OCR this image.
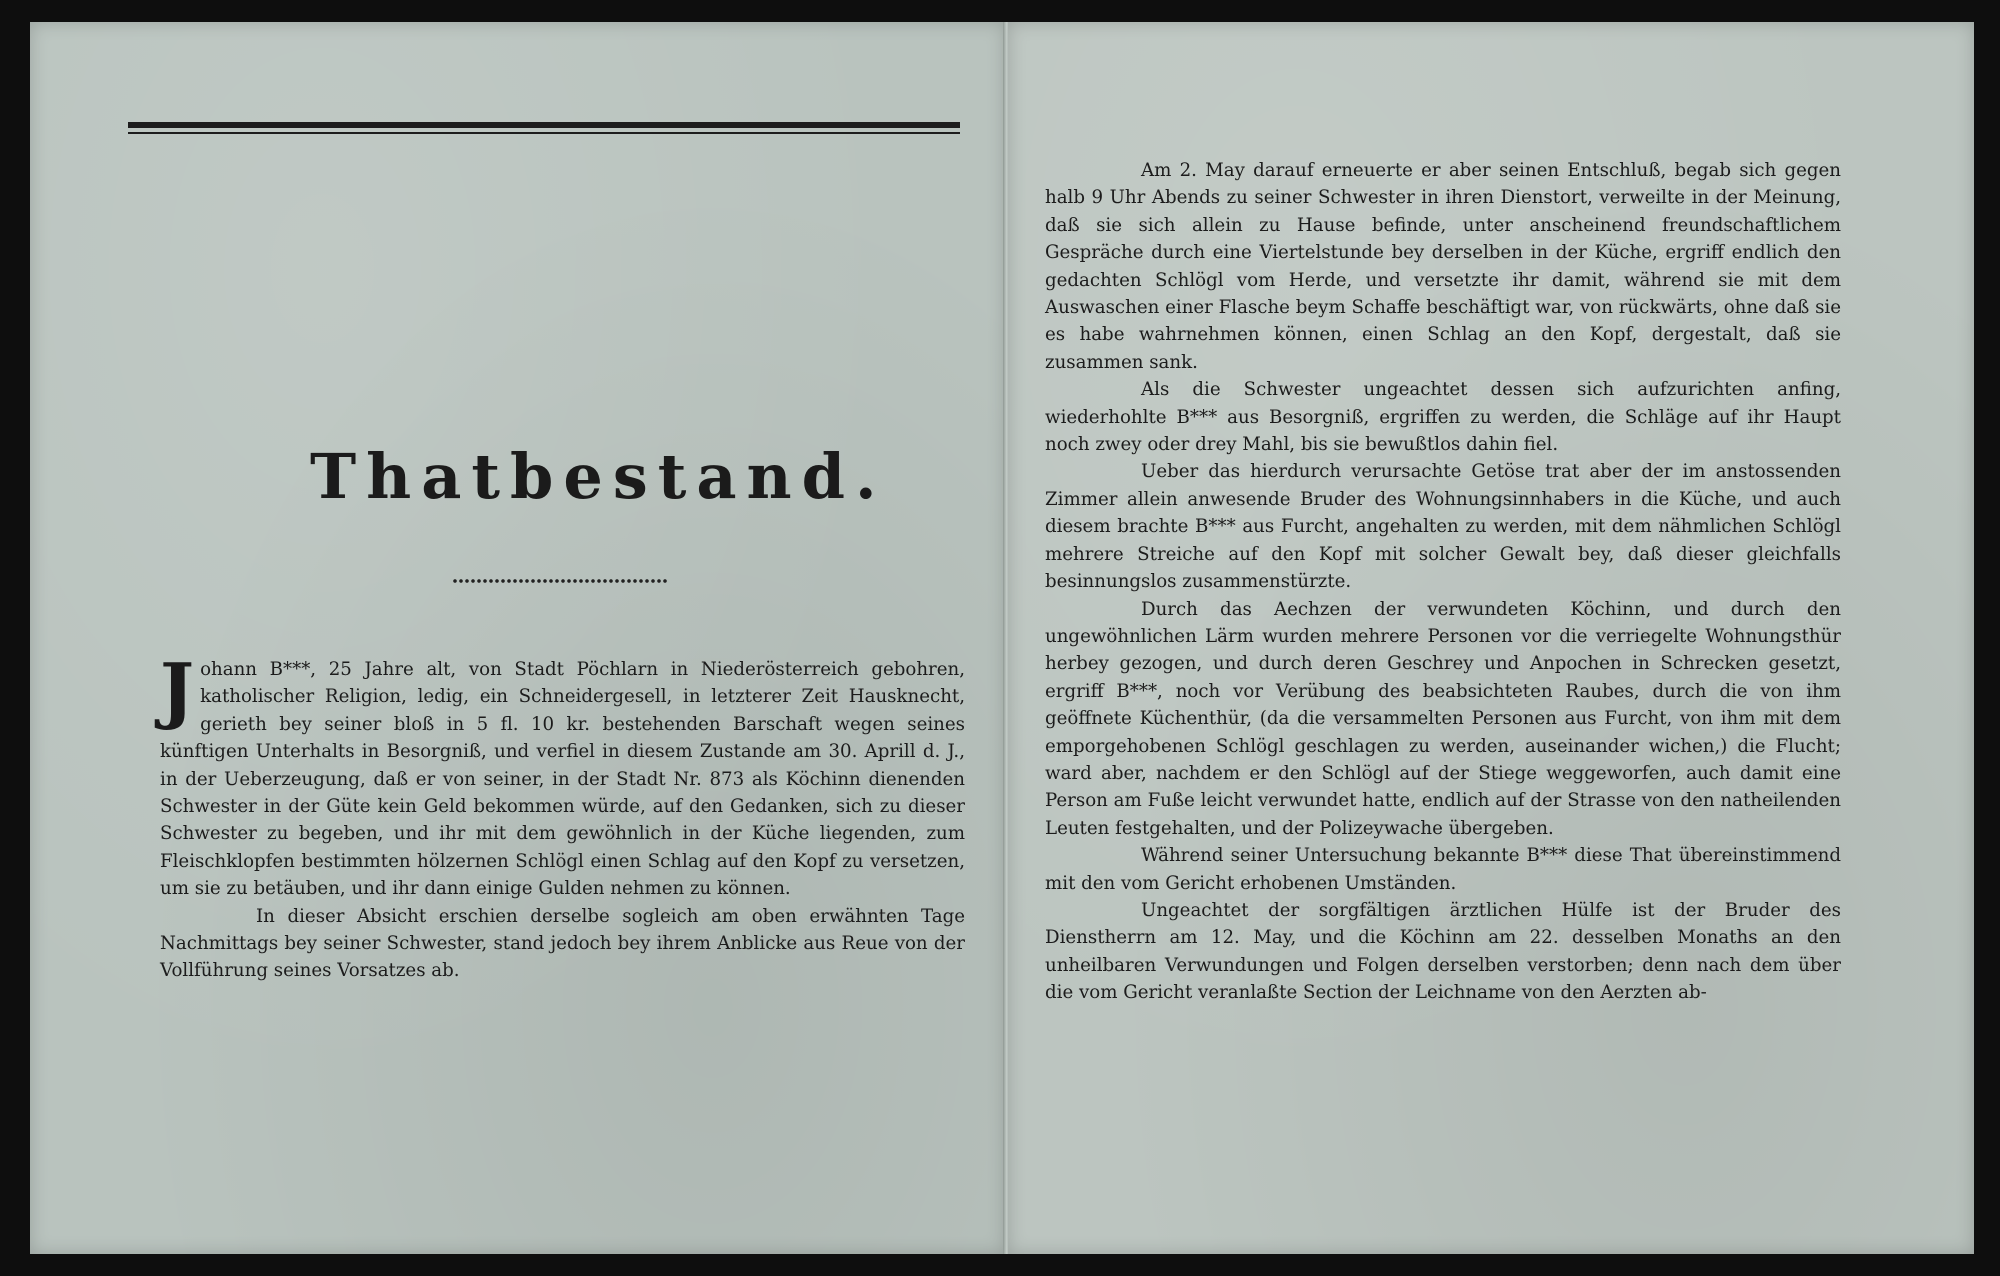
Thatbestand.

Johann B***, 25 Jahre alt, von Stadt Pöchlarn in Niederösterreich gebohren, katholischer Religion, ledig, ein Schneidergesell, in letzterer Zeit Hausknecht, gerieth bey seiner bloß in 5 fl. 10 kr. bestehenden Barschaft wegen seines künftigen Unterhalts in Besorgniß, und verfiel in diesem Zustande am 30. Aprill d. J., in der Ueberzeugung, daß er von seiner, in der Stadt Nr. 873 als Köchinn dienenden Schwester in der Güte kein Geld bekommen würde, auf den Gedanken, sich zu dieser Schwester zu begeben, und ihr mit dem gewöhnlich in der Küche liegenden, zum Fleischklopfen bestimmten hölzernen Schlögl einen Schlag auf den Kopf zu versetzen, um sie zu betäuben, und ihr dann einige Gulden nehmen zu können.

In dieser Absicht erschien derselbe sogleich am oben erwähnten Tage Nachmittags bey seiner Schwester, stand jedoch bey ihrem Anblicke aus Reue von der Vollführung seines Vorsatzes ab.

Am 2. May darauf erneuerte er aber seinen Entschluß, begab sich gegen halb 9 Uhr Abends zu seiner Schwester in ihren Dienstort, verweilte in der Meinung, daß sie sich allein zu Hause befinde, unter anscheinend freundschaftlichem Gespräche durch eine Viertelstunde bey derselben in der Küche, ergriff endlich den gedachten Schlögl vom Herde, und versetzte ihr damit, während sie mit dem Auswaschen einer Flasche beym Schaffe beschäftigt war, von rückwärts, ohne daß sie es habe wahrnehmen können, einen Schlag an den Kopf, dergestalt, daß sie zusammen sank.

Als die Schwester ungeachtet dessen sich aufzurichten anfing, wiederhohlte B*** aus Besorgniß, ergriffen zu werden, die Schläge auf ihr Haupt noch zwey oder drey Mahl, bis sie bewußtlos dahin fiel.

Ueber das hierdurch verursachte Getöse trat aber der im anstossenden Zimmer allein anwesende Bruder des Wohnungsinnhabers in die Küche, und auch diesem brachte B*** aus Furcht, angehalten zu werden, mit dem nähmlichen Schlögl mehrere Streiche auf den Kopf mit solcher Gewalt bey, daß dieser gleichfalls besinnungslos zusammenstürzte.

Durch das Aechzen der verwundeten Köchinn, und durch den ungewöhnlichen Lärm wurden mehrere Personen vor die verriegelte Wohnungsthür herbey gezogen, und durch deren Geschrey und Anpochen in Schrecken gesetzt, ergriff B***, noch vor Verübung des beabsichteten Raubes, durch die von ihm geöffnete Küchenthür, (da die versammelten Personen aus Furcht, von ihm mit dem emporgehobenen Schlögl geschlagen zu werden, auseinander wichen,) die Flucht; ward aber, nachdem er den Schlögl auf der Stiege weggeworfen, auch damit eine Person am Fuße leicht verwundet hatte, endlich auf der Strasse von den natheilenden Leuten festgehalten, und der Polizeywache übergeben.

Während seiner Untersuchung bekannte B*** diese That übereinstimmend mit den vom Gericht erhobenen Umständen.

Ungeachtet der sorgfältigen ärztlichen Hülfe ist der Bruder des Dienstherrn am 12. May, und die Köchinn am 22. desselben Monaths an den unheilbaren Verwundungen und Folgen derselben verstorben; denn nach dem über die vom Gericht veranlaßte Section der Leichname von den Aerzten ab-
